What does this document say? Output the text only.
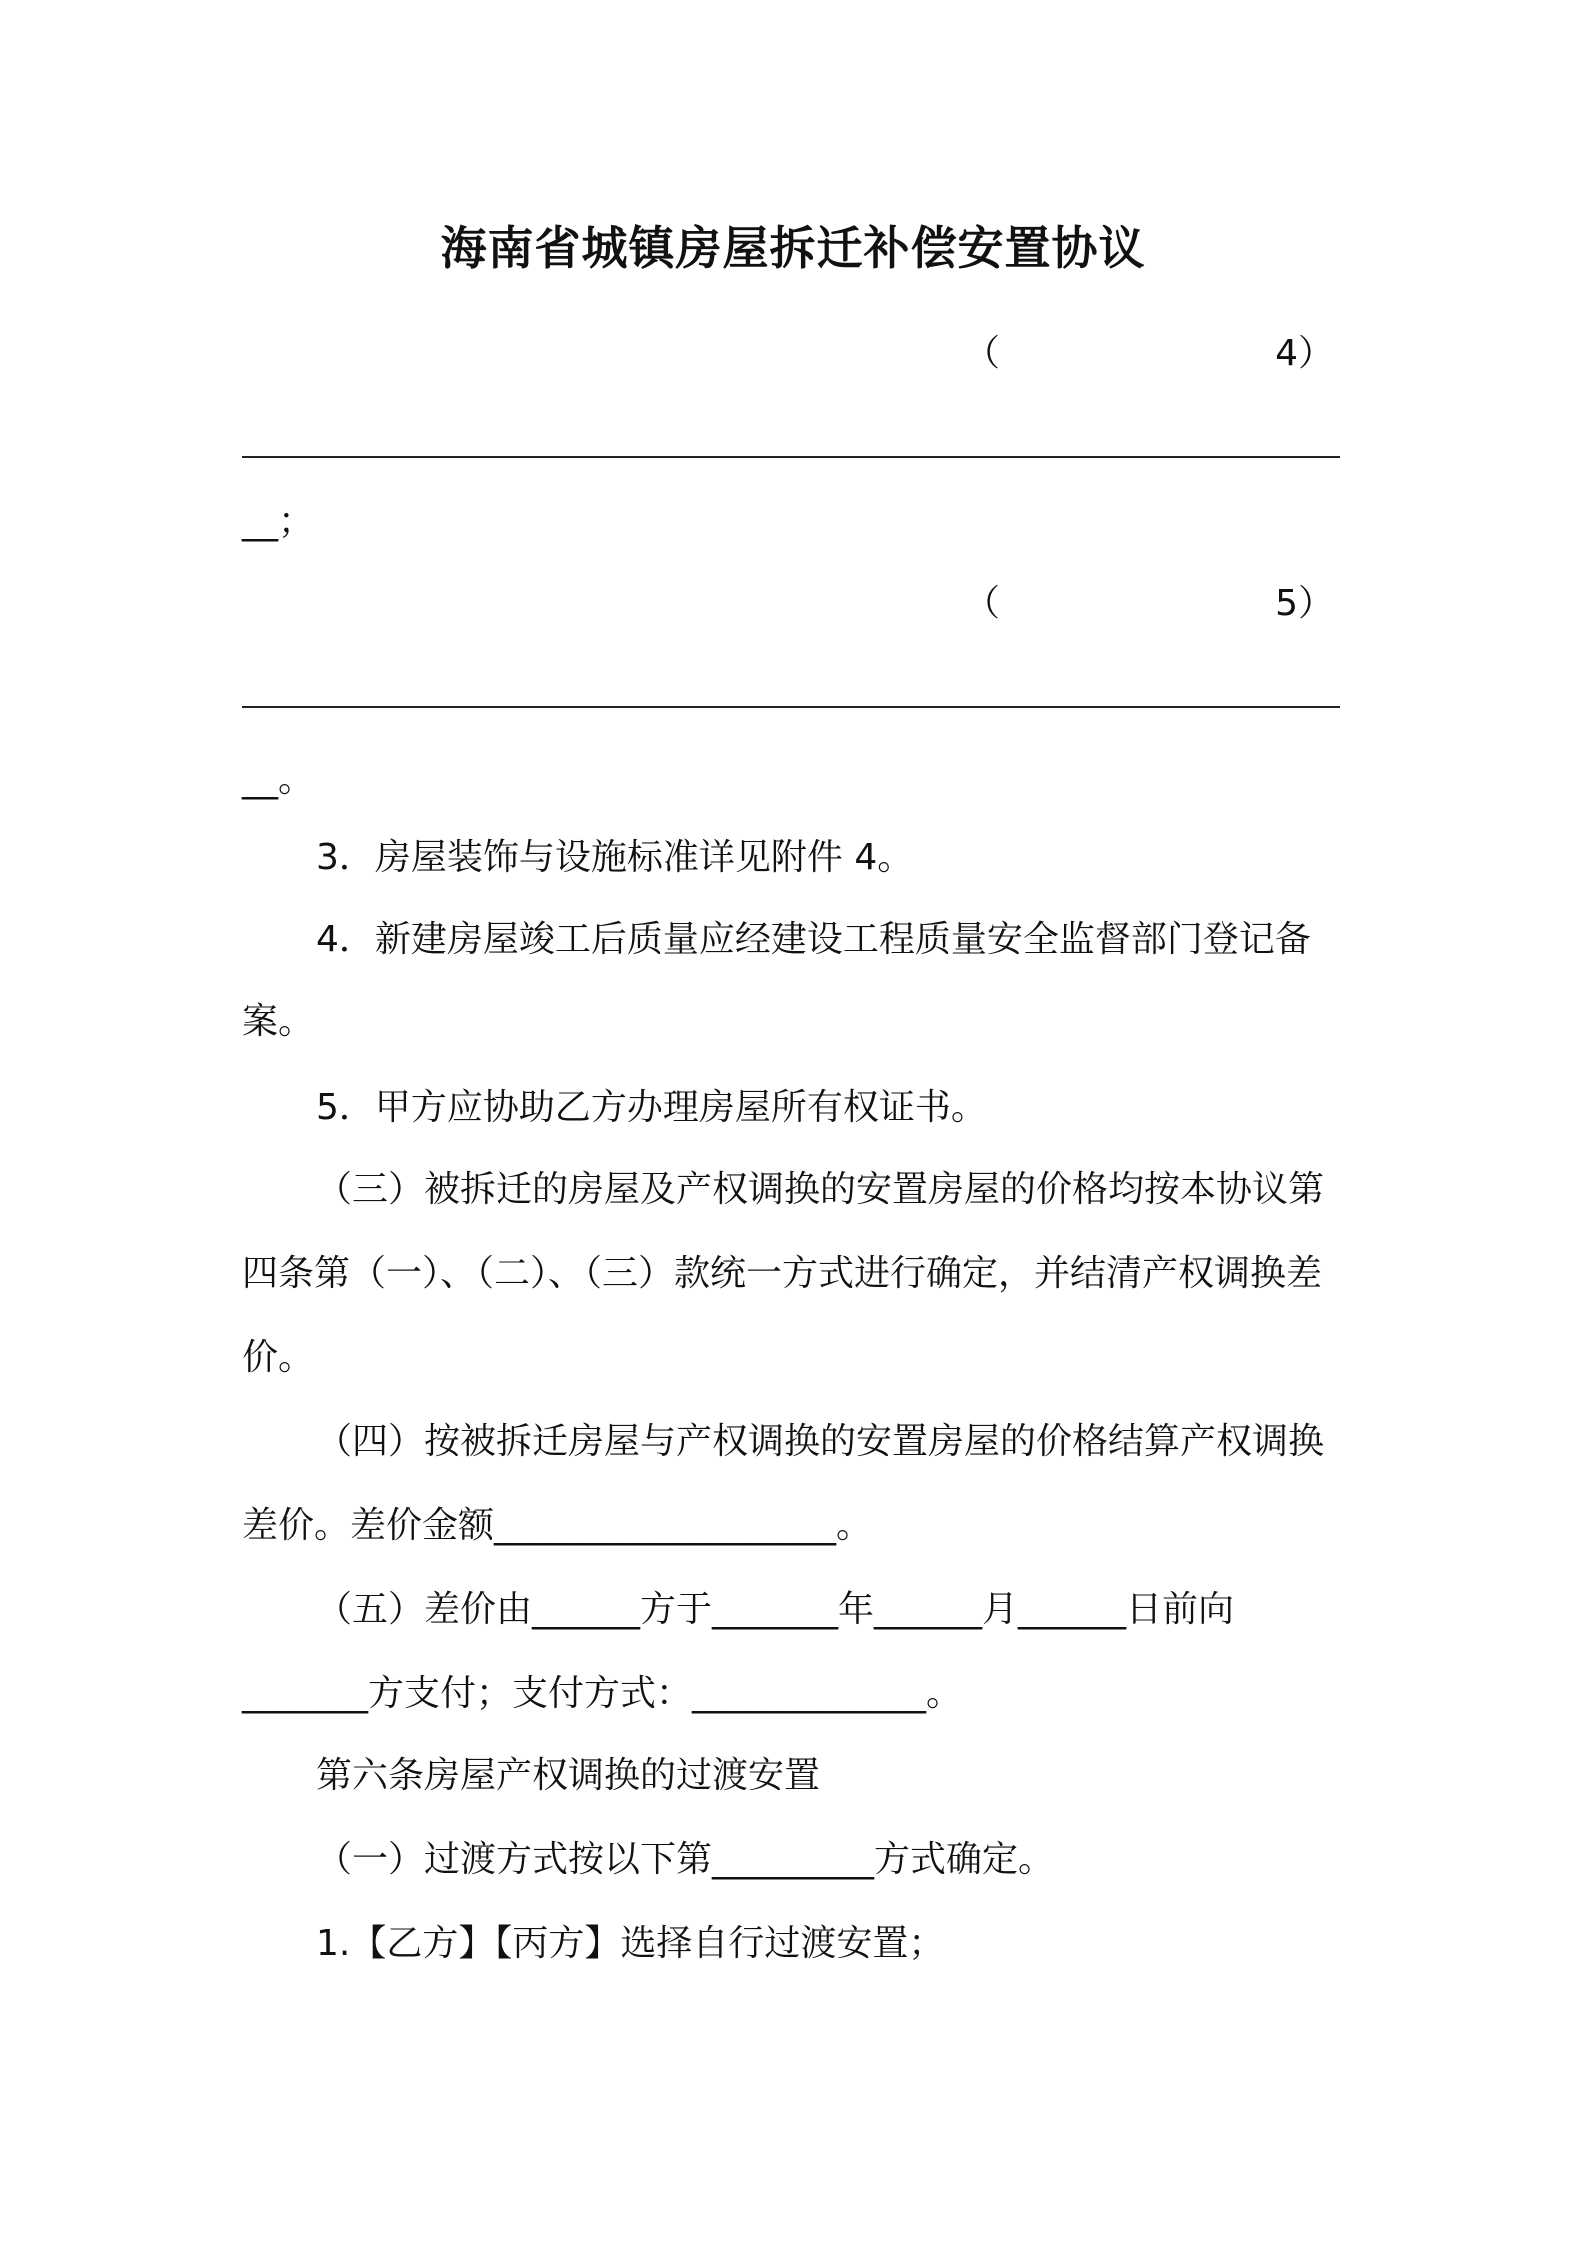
海南省城镇房屋拆迁补偿安置协议
（	4）
__；
（	5）
__。
3．房屋装饰与设施标准详见附件 4。
4．新建房屋竣工后质量应经建设工程质量安全监督部门登记备
案。
5．甲方应协助乙方办理房屋所有权证书。
（三）被拆迁的房屋及产权调换的安置房屋的价格均按本协议第
四条第（一）、（二）、（三）款统一方式进行确定，并结清产权调换差
价。
（四）按被拆迁房屋与产权调换的安置房屋的价格结算产权调换
差价。差价金额___________________。
（五）差价由______方于_______年______月______日前向
_______方支付；支付方式：_____________。
第六条房屋产权调换的过渡安置
（一）过渡方式按以下第_________方式确定。
1.【乙方】【丙方】选择自行过渡安置；
